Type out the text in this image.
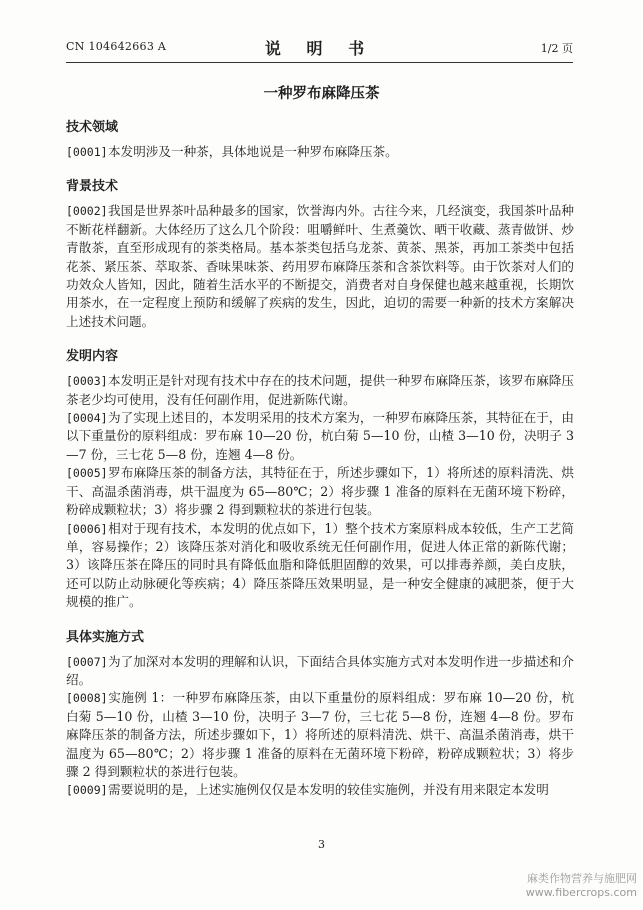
CN 104642663 A	说 明 书	1/2 页
一种罗布麻降压茶

技术领域

[0001]本发明涉及一种茶，具体地说是一种罗布麻降压茶。

背景技术

[0002]我国是世界茶叶品种最多的国家，饮誉海内外。古往今来，几经演变，我国茶叶品种不断花样翻新。大体经历了这么几个阶段：咀嚼鲜叶、生煮羹饮、晒干收藏、蒸青做饼、炒青散茶，直至形成现有的茶类格局。基本茶类包括乌龙茶、黄茶、黑茶，再加工茶类中包括花茶、紧压茶、萃取茶、香味果味茶、药用罗布麻降压茶和含茶饮料等。由于饮茶对人们的功效众人皆知，因此，随着生活水平的不断提交，消费者对自身保健也越来越重视，长期饮用茶水，在一定程度上预防和缓解了疾病的发生，因此，迫切的需要一种新的技术方案解决上述技术问题。

发明内容

[0003]本发明正是针对现有技术中存在的技术问题，提供一种罗布麻降压茶，该罗布麻降压茶老少均可使用，没有任何副作用，促进新陈代谢。

[0004]为了实现上述目的，本发明采用的技术方案为，一种罗布麻降压茶，其特征在于，由以下重量份的原料组成：罗布麻 10—20 份，杭白菊 5—10 份，山楂 3—10 份，决明子 3—7 份，三七花 5—8 份，连翘 4—8 份。

[0005]罗布麻降压茶的制备方法，其特征在于，所述步骤如下，1）将所述的原料清洗、烘干、高温杀菌消毒，烘干温度为 65—80℃；2）将步骤 1 准备的原料在无菌环境下粉碎，粉碎成颗粒状；3）将步骤 2 得到颗粒状的茶进行包装。

[0006]相对于现有技术，本发明的优点如下，1）整个技术方案原料成本较低，生产工艺简单，容易操作；2）该降压茶对消化和吸收系统无任何副作用，促进人体正常的新陈代谢；3）该降压茶在降压的同时具有降低血脂和降低胆固醇的效果，可以排毒养颜，美白皮肤，还可以防止动脉硬化等疾病；4）降压茶降压效果明显，是一种安全健康的减肥茶，便于大规模的推广。

具体实施方式

[0007]为了加深对本发明的理解和认识，下面结合具体实施方式对本发明作进一步描述和介绍。

[0008]实施例 1：一种罗布麻降压茶，由以下重量份的原料组成：罗布麻 10—20 份，杭白菊 5—10 份，山楂 3—10 份，决明子 3—7 份，三七花 5—8 份，连翘 4—8 份。罗布麻降压茶的制备方法，所述步骤如下，1）将所述的原料清洗、烘干、高温杀菌消毒，烘干温度为 65—80℃；2）将步骤 1 准备的原料在无菌环境下粉碎，粉碎成颗粒状；3）将步骤 2 得到颗粒状的茶进行包装。

[0009]需要说明的是，上述实施例仅仅是本发明的较佳实施例，并没有用来限定本发明

3
麻类作物营养与施肥网
www.fibercrops.com
